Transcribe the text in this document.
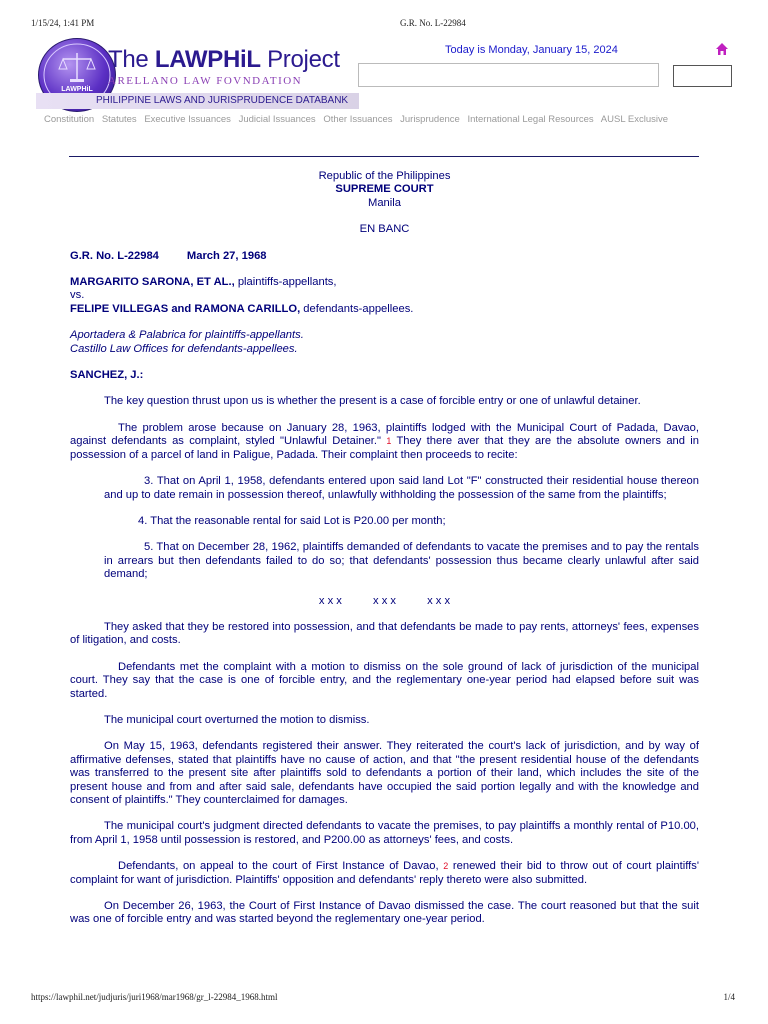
1/15/24, 1:41 PM	G.R. No. L-22984
LAWPHiL
The LAWPHiL Project
ARELLANO LAW FOVNDATION
PHILIPPINE LAWS AND JURISPRUDENCE DATABANK
Today is Monday, January 15, 2024
Constitution Statutes Executive Issuances Judicial Issuances Other Issuances Jurisprudence International Legal Resources AUSL Exclusive

Republic of the Philippines

SUPREME COURT

Manila

EN BANC

G.R. No. L-22984	March 27, 1968

MARGARITO SARONA, ET AL., plaintiffs-appellants,

vs.

FELIPE VILLEGAS and RAMONA CARILLO, defendants-appellees.

Aportadera & Palabrica for plaintiffs-appellants.

Castillo Law Offices for defendants-appellees.

SANCHEZ, J.:

The key question thrust upon us is whether the present is a case of forcible entry or one of unlawful detainer.

The problem arose because on January 28, 1963, plaintiffs lodged with the Municipal Court of Padada, Davao, against defendants as complaint, styled "Unlawful Detainer." $^1$ They there aver that they are the absolute owners and in possession of a parcel of land in Paligue, Padada. Their complaint then proceeds to recite:

3. That on April 1, 1958, defendants entered upon said land Lot "F" constructed their residential house thereon and up to date remain in possession thereof, unlawfully withholding the possession of the same from the plaintiffs;

4. That the reasonable rental for said Lot is P20.00 per month;

5. That on December 28, 1962, plaintiffs demanded of defendants to vacate the premises and to pay the rentals in arrears but then defendants failed to do so; that defendants' possession thus became clearly unlawful after said demand;

x x x          x x x          x x x

They asked that they be restored into possession, and that defendants be made to pay rents, attorneys' fees, expenses of litigation, and costs.

Defendants met the complaint with a motion to dismiss on the sole ground of lack of jurisdiction of the municipal court. They say that the case is one of forcible entry, and the reglementary one-year period had elapsed before suit was started.

The municipal court overturned the motion to dismiss.

On May 15, 1963, defendants registered their answer. They reiterated the court's lack of jurisdiction, and by way of affirmative defenses, stated that plaintiffs have no cause of action, and that "the present residential house of the defendants was transferred to the present site after plaintiffs sold to defendants a portion of their land, which includes the site of the present house and from and after said sale, defendants have occupied the said portion legally and with the knowledge and consent of plaintiffs." They counterclaimed for damages.

The municipal court's judgment directed defendants to vacate the premises, to pay plaintiffs a monthly rental of P10.00, from April 1, 1958 until possession is restored, and P200.00 as attorneys' fees, and costs.

Defendants, on appeal to the court of First Instance of Davao, $^2$ renewed their bid to throw out of court plaintiffs' complaint for want of jurisdiction. Plaintiffs' opposition and defendants' reply thereto were also submitted.

On December 26, 1963, the Court of First Instance of Davao dismissed the case. The court reasoned but that the suit was one of forcible entry and was started beyond the reglementary one-year period.

https://lawphil.net/judjuris/juri1968/mar1968/gr_l-22984_1968.html	1/4
